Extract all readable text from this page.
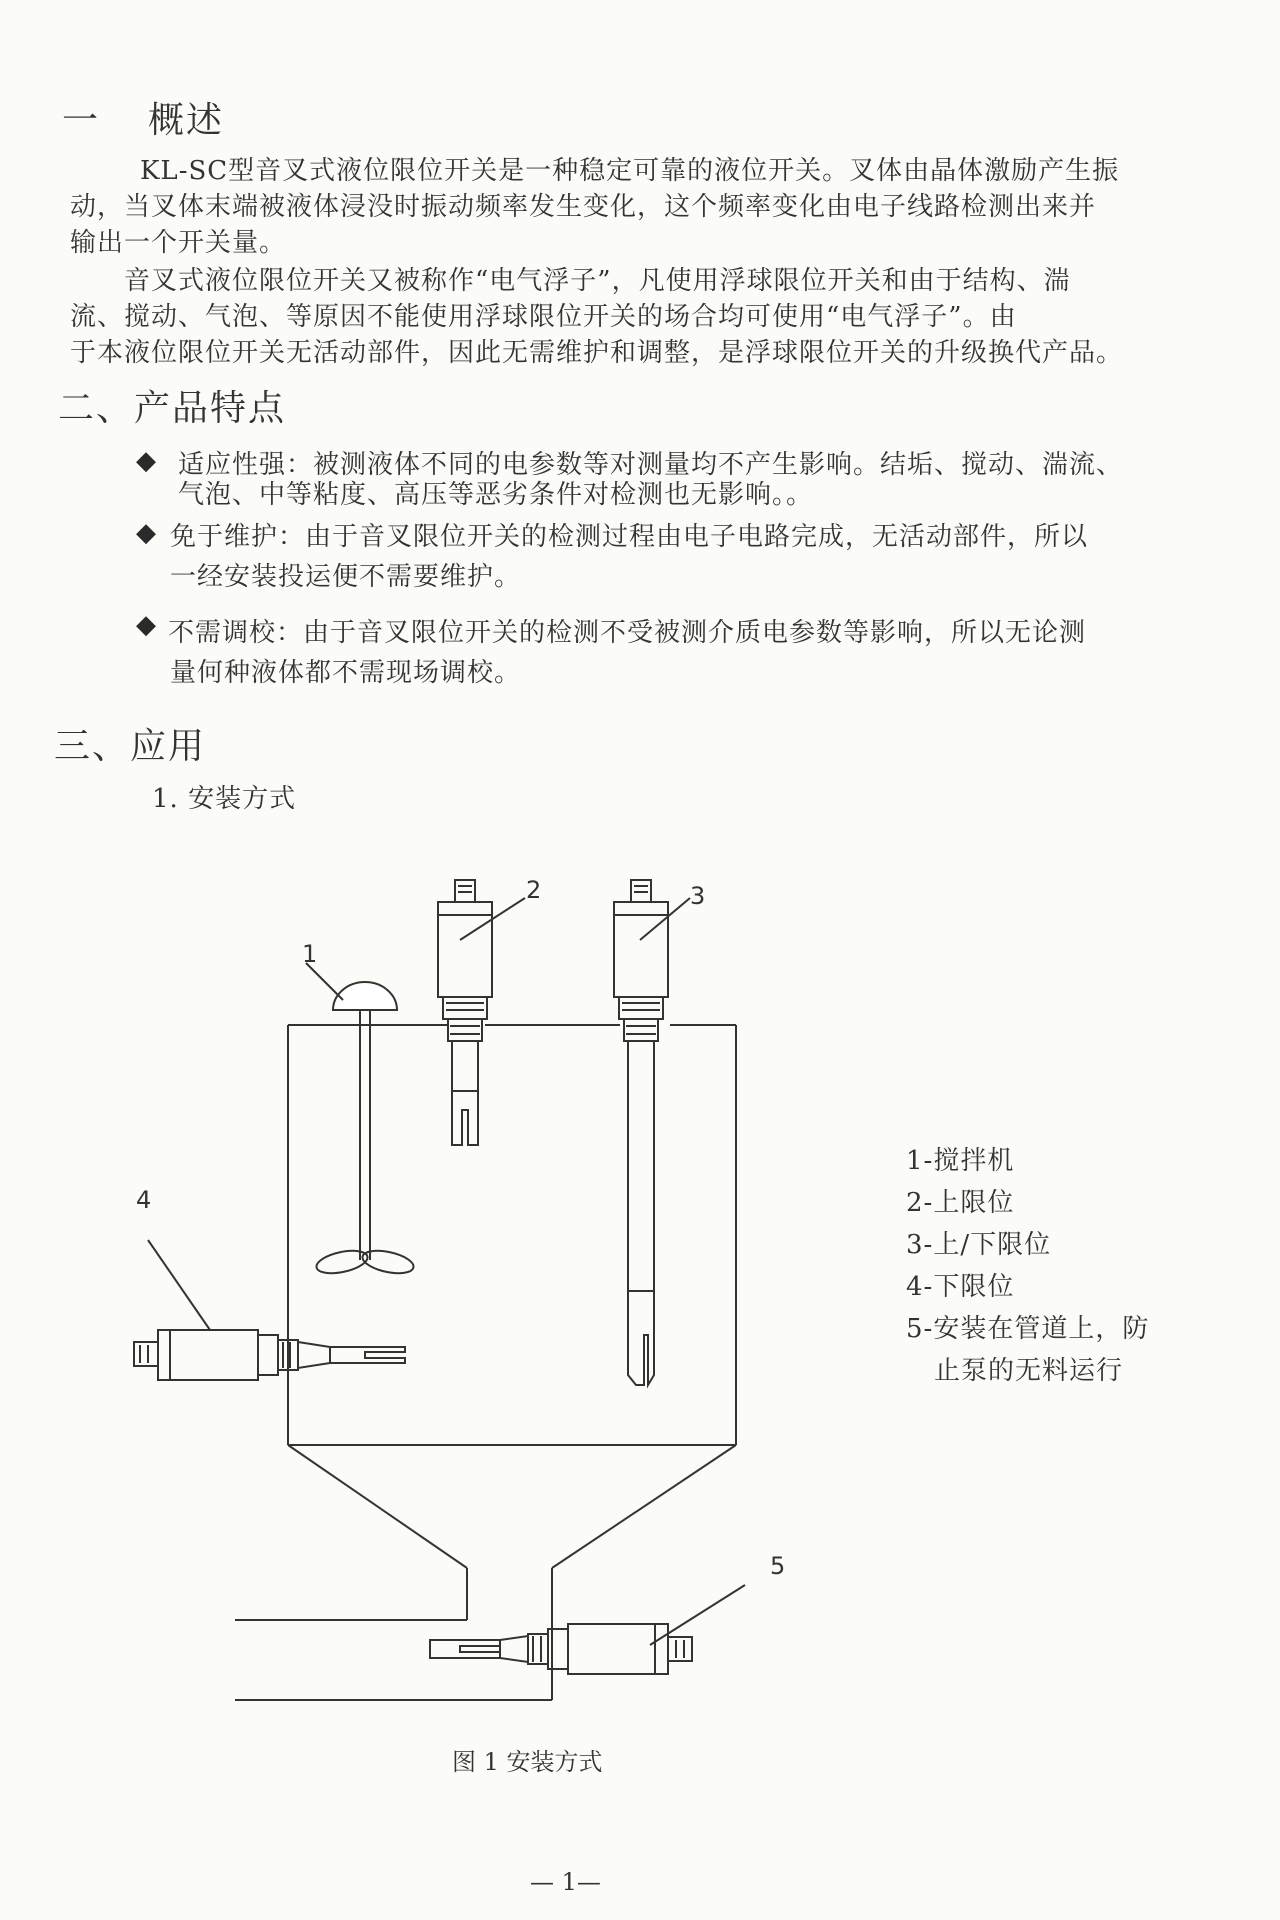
一 概述
KL-SC型音叉式液位限位开关是一种稳定可靠的液位开关。叉体由晶体激励产生振
动，当叉体末端被液体浸没时振动频率发生变化，这个频率变化由电子线路检测出来并
输出一个开关量。
音叉式液位限位开关又被称作“电气浮子”，凡使用浮球限位开关和由于结构、湍
流、搅动、气泡、等原因不能使用浮球限位开关的场合均可使用“电气浮子”。由
于本液位限位开关无活动部件，因此无需维护和调整，是浮球限位开关的升级换代产品。
二、产品特点
◆ 适应性强：被测液体不同的电参数等对测量均不产生影响。结垢、搅动、湍流、
气泡、中等粘度、高压等恶劣条件对检测也无影响。。
◆ 免于维护：由于音叉限位开关的检测过程由电子电路完成，无活动部件，所以
一经安装投运便不需要维护。
◆ 不需调校：由于音叉限位开关的检测不受被测介质电参数等影响，所以无论测
量何种液体都不需现场调校。
三、应用
1. 安装方式
1
2	3
4
5
1-搅拌机
2-上限位
3-上/下限位
4-下限位
5-安装在管道上，防
止泵的无料运行
图 1 安装方式
— 1—
